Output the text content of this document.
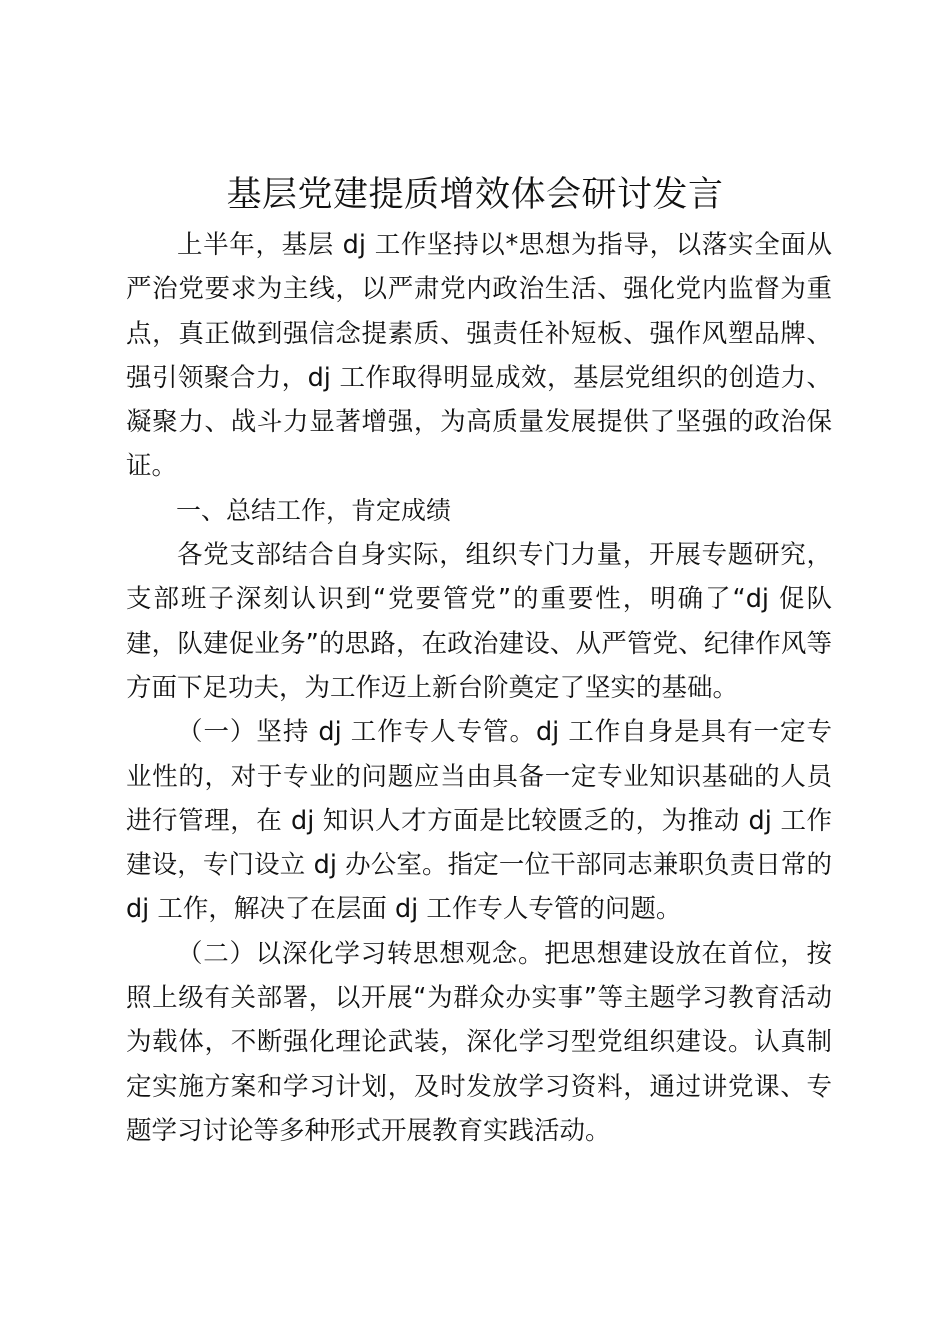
基层党建提质增效体会研讨发言

上半年，基层 dj 工作坚持以*思想为指导，以落实全面从严治党要求为主线，以严肃党内政治生活、强化党内监督为重点，真正做到强信念提素质、强责任补短板、强作风塑品牌、强引领聚合力，dj 工作取得明显成效，基层党组织的创造力、凝聚力、战斗力显著增强，为高质量发展提供了坚强的政治保证。

一、总结工作，肯定成绩

各党支部结合自身实际，组织专门力量，开展专题研究，支部班子深刻认识到“党要管党”的重要性，明确了“dj 促队建，队建促业务”的思路，在政治建设、从严管党、纪律作风等方面下足功夫，为工作迈上新台阶奠定了坚实的基础。

（一）坚持 dj 工作专人专管。dj 工作自身是具有一定专业性的，对于专业的问题应当由具备一定专业知识基础的人员进行管理，在 dj 知识人才方面是比较匮乏的，为推动 dj 工作建设，专门设立 dj 办公室。指定一位干部同志兼职负责日常的 dj 工作，解决了在层面 dj 工作专人专管的问题。

（二）以深化学习转思想观念。把思想建设放在首位，按照上级有关部署，以开展“为群众办实事”等主题学习教育活动为载体，不断强化理论武装，深化学习型党组织建设。认真制定实施方案和学习计划，及时发放学习资料，通过讲党课、专题学习讨论等多种形式开展教育实践活动。
